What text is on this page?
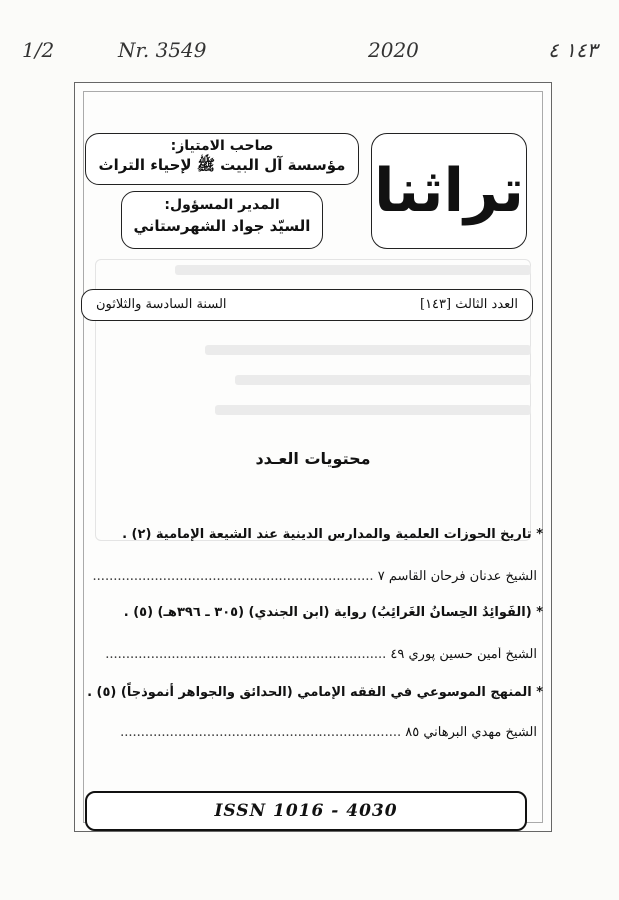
1/2	Nr. 3549	2020	١٤٣ ٤
صاحب الامتياز:
مؤسسة آل البيت ﷺ لإحياء التراث
المدير المسؤول:
السيّد جواد الشهرستاني تراثنا
العدد الثالث [١٤٣]
السنة السادسة والثلاثون
محتويات العـدد
* تاريخ الحوزات العلمية والمدارس الدينية عند الشيعة الإمامية (٢) .
الشيخ عدنان فرحان القاسم ٧ ....................................................................
* (الفَوائِدُ الحِسانُ الغَرائِبُ) رواية (ابن الجندي) (٣٠٥ ـ ٣٩٦هـ) (٥) .
الشيخ أمين حسين پوري ٤٩ ....................................................................
* المنهج الموسوعي في الفقه الإمامي (الحدائق والجواهر أنموذجاً) (٥) .
الشيخ مهدي البرهاني ٨٥ ....................................................................
ISSN 1016 - 4030
